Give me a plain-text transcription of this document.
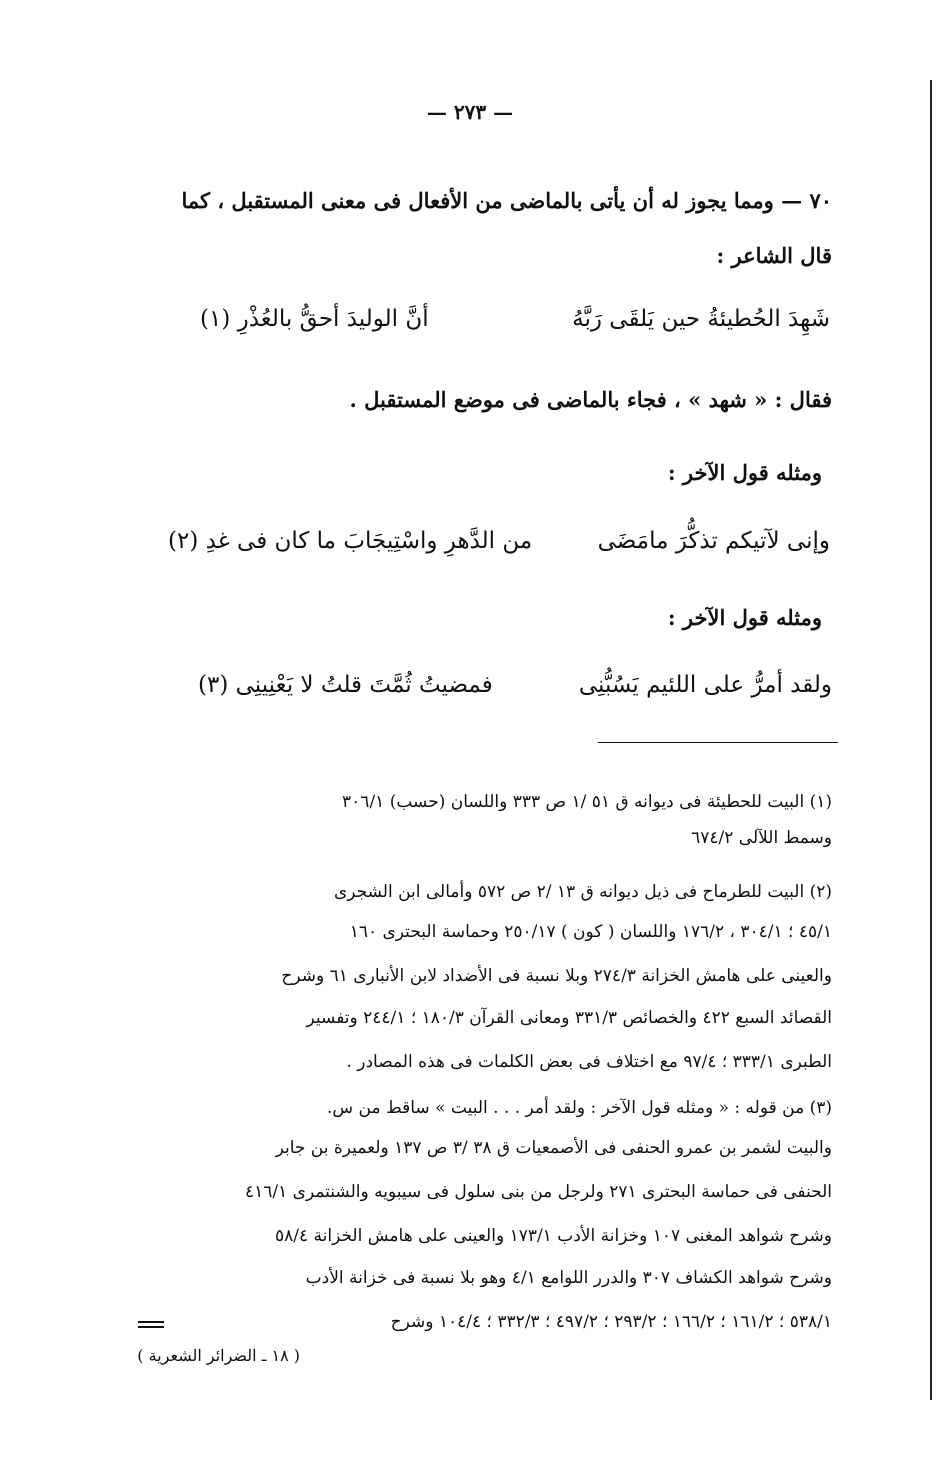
— ٢٧٣ —
٧٠ — ومما يجوز له أن يأتى بالماضى من الأفعال فى معنى المستقبل ، كما
قال الشاعر :
شَهِدَ الحُطيئةُ حين يَلقَى رَبَّهُ
أنَّ الوليدَ أحقُّ بالعُذْرِ (١)
فقال : « شهد » ، فجاء بالماضى فى موضع المستقبل .
ومثله قول الآخر :
وإنى لآتيكم تذكُّرَ مامَضَى
من الدَّهرِ واسْتِيجَابَ ما كان فى غدِ (٢)
ومثله قول الآخر :
ولقد أمرُّ على اللئيم يَسُبُّنِى
فمضيتُ ثُمَّتَ قلتُ لا يَعْنِينِى (٣)
(١) البيت للحطيئة فى ديوانه ق ٥١ /١ ص ٣٣٣ واللسان (حسب) ٣٠٦/١
وسمط اللآلى ٦٧٤/٢
(٢) البيت للطرماح فى ذيل ديوانه ق ١٣ /٢ ص ٥٧٢ وأمالى ابن الشجرى
٤٥/١ ؛ ٣٠٤/١ ، ١٧٦/٢ واللسان ( كون ) ٢٥٠/١٧ وحماسة البحترى ١٦٠
والعينى على هامش الخزانة ٢٧٤/٣ وبلا نسبة فى الأضداد لابن الأنبارى ٦١ وشرح
القصائد السبع ٤٢٢ والخصائص ٣٣١/٣ ومعانى القرآن ١٨٠/٣ ؛ ٢٤٤/١ وتفسير
الطبرى ٣٣٣/١ ؛ ٩٧/٤ مع اختلاف فى بعض الكلمات فى هذه المصادر .
(٣) من قوله : « ومثله قول الآخر : ولقد أمر . . . البيت » ساقط من س.
والبيت لشمر بن عمرو الحنفى فى الأصمعيات ق ٣٨ /٣ ص ١٣٧ ولعميرة بن جابر
الحنفى فى حماسة البحترى ٢٧١ ولرجل من بنى سلول فى سيبويه والشنتمرى ٤١٦/١
وشرح شواهد المغنى ١٠٧ وخزانة الأدب ١٧٣/١ والعينى على هامش الخزانة ٥٨/٤
وشرح شواهد الكشاف ٣٠٧ والدرر اللوامع ٤/١ وهو بلا نسبة فى خزانة الأدب
٥٣٨/١ ؛ ١٦١/٢ ؛ ١٦٦/٢ ؛ ٢٩٣/٢ ؛ ٤٩٧/٢ ؛ ٣٣٢/٣ ؛ ١٠٤/٤ وشرح
( ١٨ ـ الضرائر الشعرية )
